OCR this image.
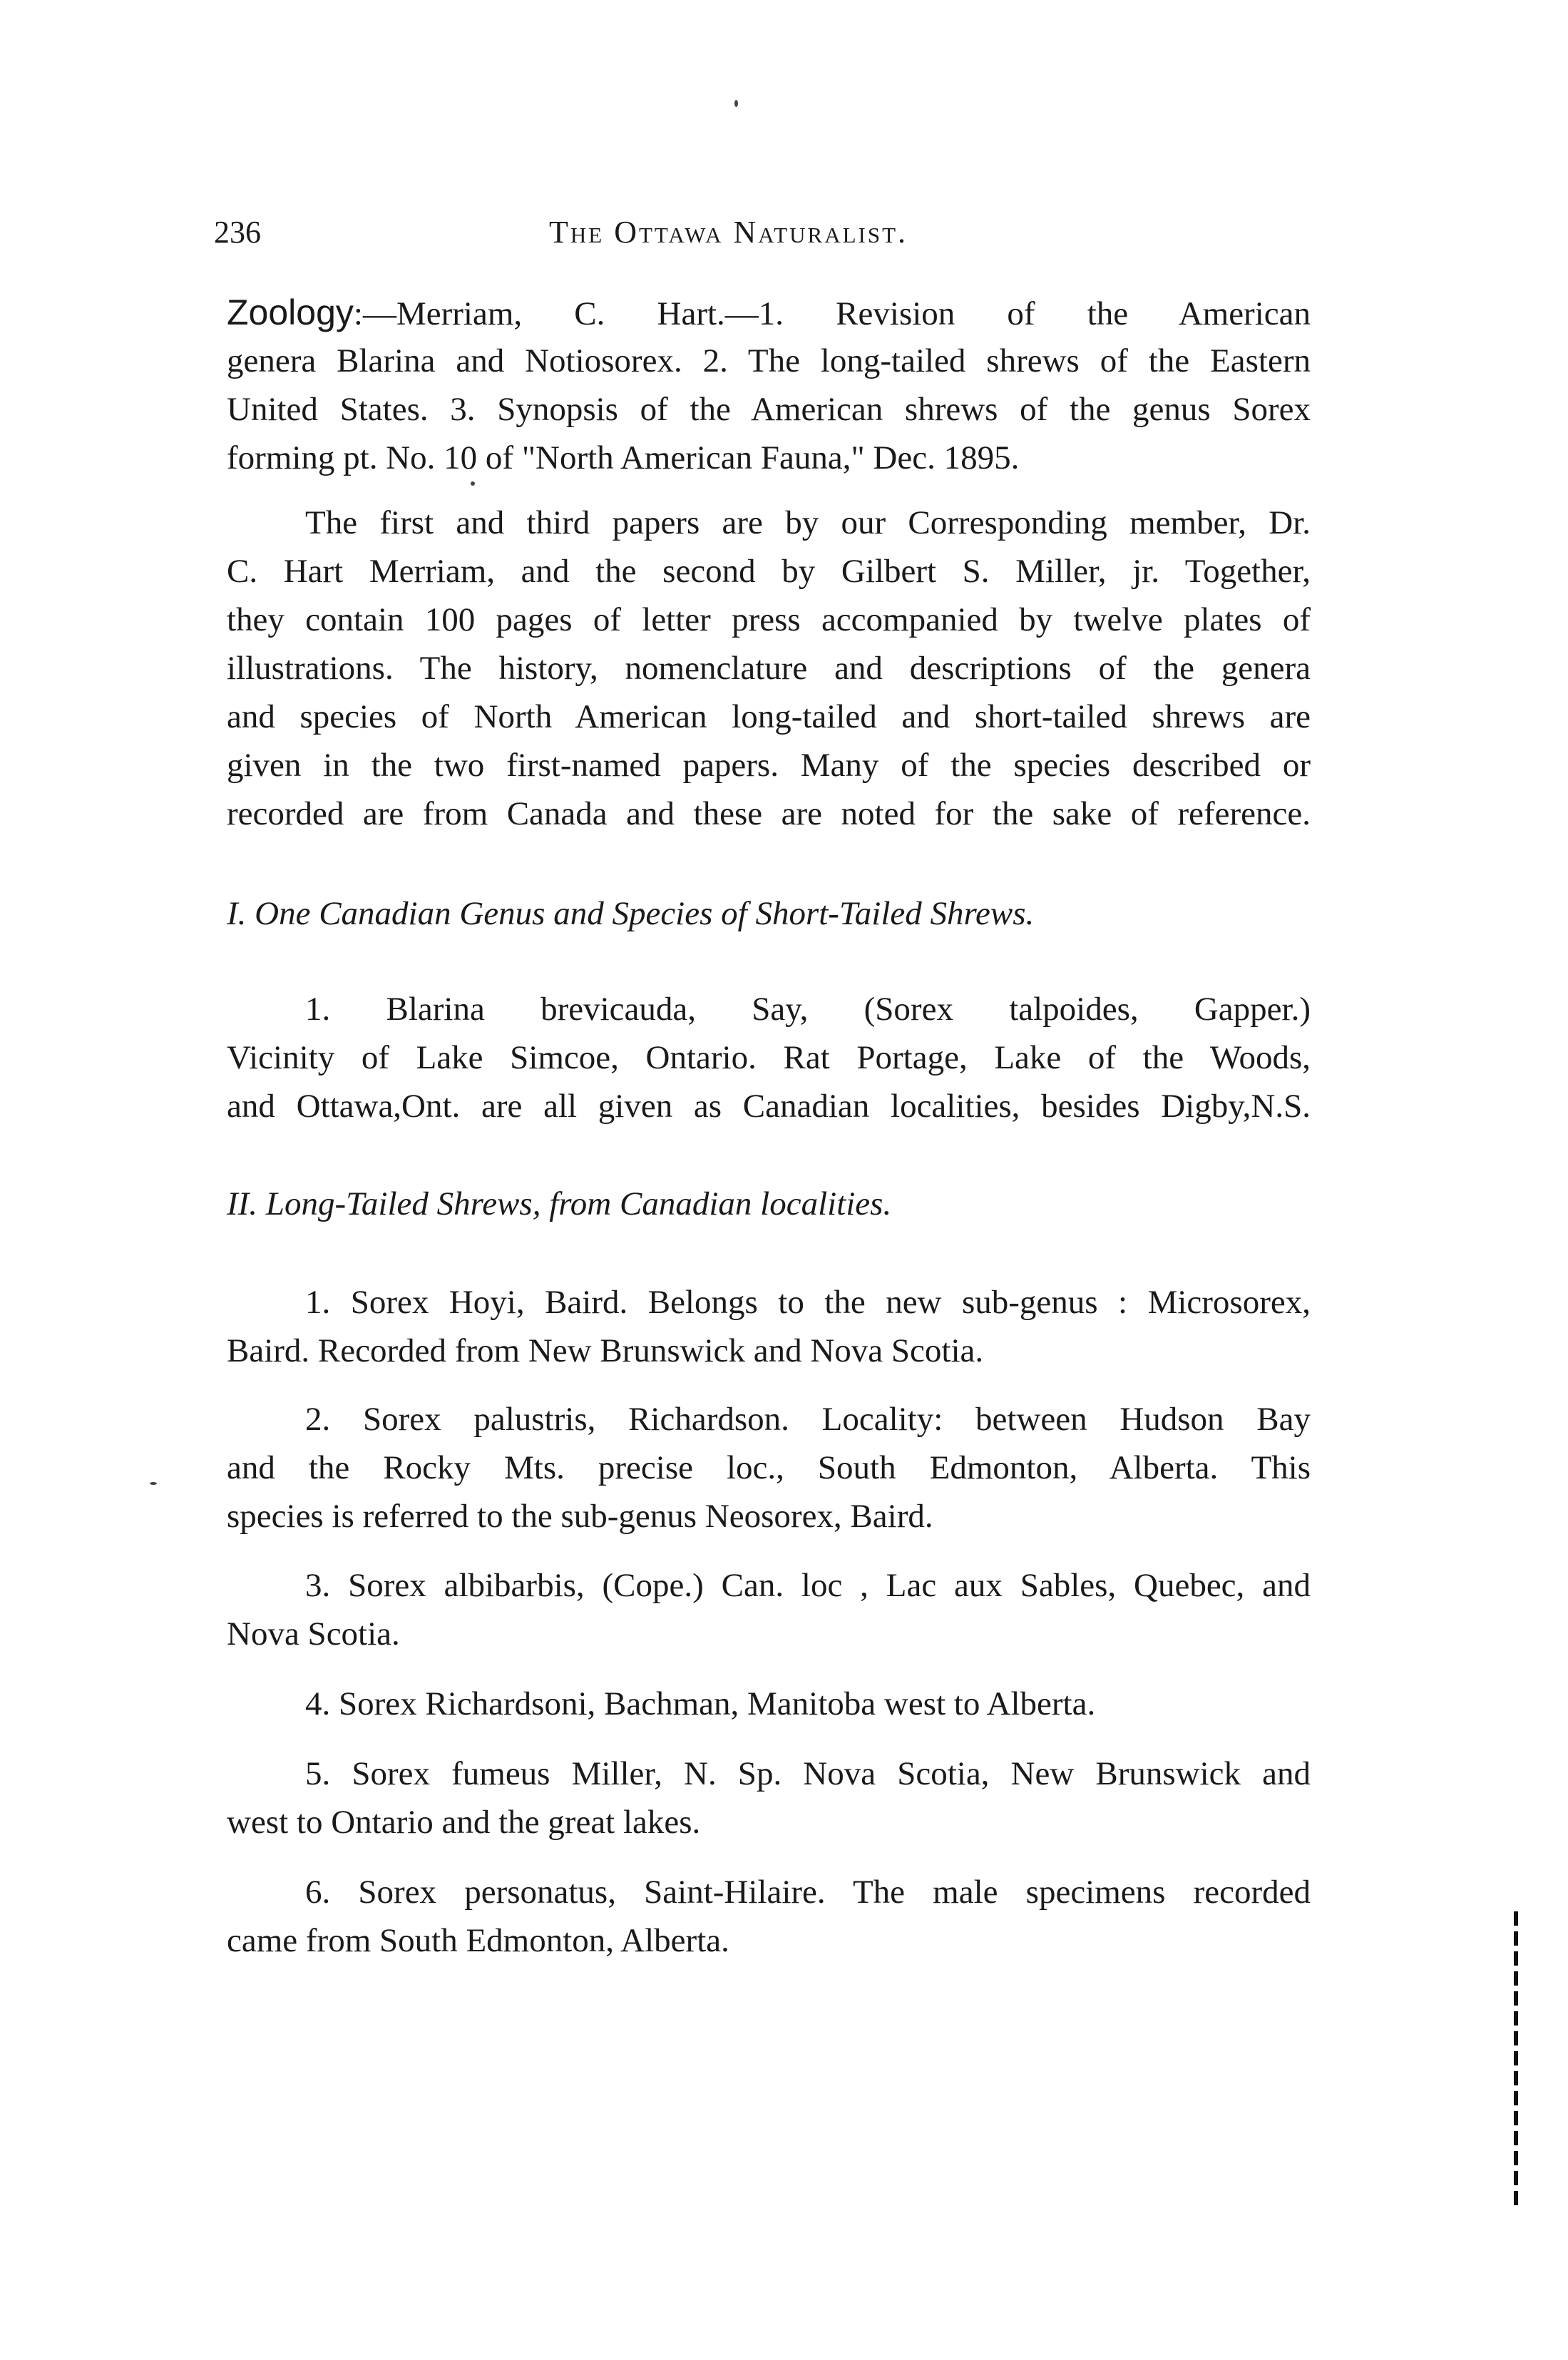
236	The Ottawa Naturalist.
Zoology:—Merriam, C. Hart.—1. Revision of the American
genera Blarina and Notiosorex. 2. The long-tailed shrews of the Eastern
United States. 3. Synopsis of the American shrews of the genus Sorex
forming pt. No. 10 of "North American Fauna," Dec. 1895.
The first and third papers are by our Corresponding member, Dr.
C. Hart Merriam, and the second by Gilbert S. Miller, jr. Together,
they contain 100 pages of letter press accompanied by twelve plates of
illustrations. The history, nomenclature and descriptions of the genera
and species of North American long-tailed and short-tailed shrews are
given in the two first-named papers. Many of the species described or
recorded are from Canada and these are noted for the sake of reference.
I. One Canadian Genus and Species of Short-Tailed Shrews.
1. Blarina brevicauda, Say, (Sorex talpoides, Gapper.)
Vicinity of Lake Simcoe, Ontario. Rat Portage, Lake of the Woods,
and Ottawa,Ont. are all given as Canadian localities, besides Digby,N.S.
II. Long-Tailed Shrews, from Canadian localities.
1. Sorex Hoyi, Baird. Belongs to the new sub-genus : Microsorex,
Baird. Recorded from New Brunswick and Nova Scotia.
2. Sorex palustris, Richardson. Locality: between Hudson Bay
and the Rocky Mts. precise loc., South Edmonton, Alberta. This
species is referred to the sub-genus Neosorex, Baird.
3. Sorex albibarbis, (Cope.) Can. loc , Lac aux Sables, Quebec, and
Nova Scotia.
4. Sorex Richardsoni, Bachman, Manitoba west to Alberta.
5. Sorex fumeus Miller, N. Sp. Nova Scotia, New Brunswick and
west to Ontario and the great lakes.
6. Sorex personatus, Saint-Hilaire. The male specimens recorded
came from South Edmonton, Alberta.
